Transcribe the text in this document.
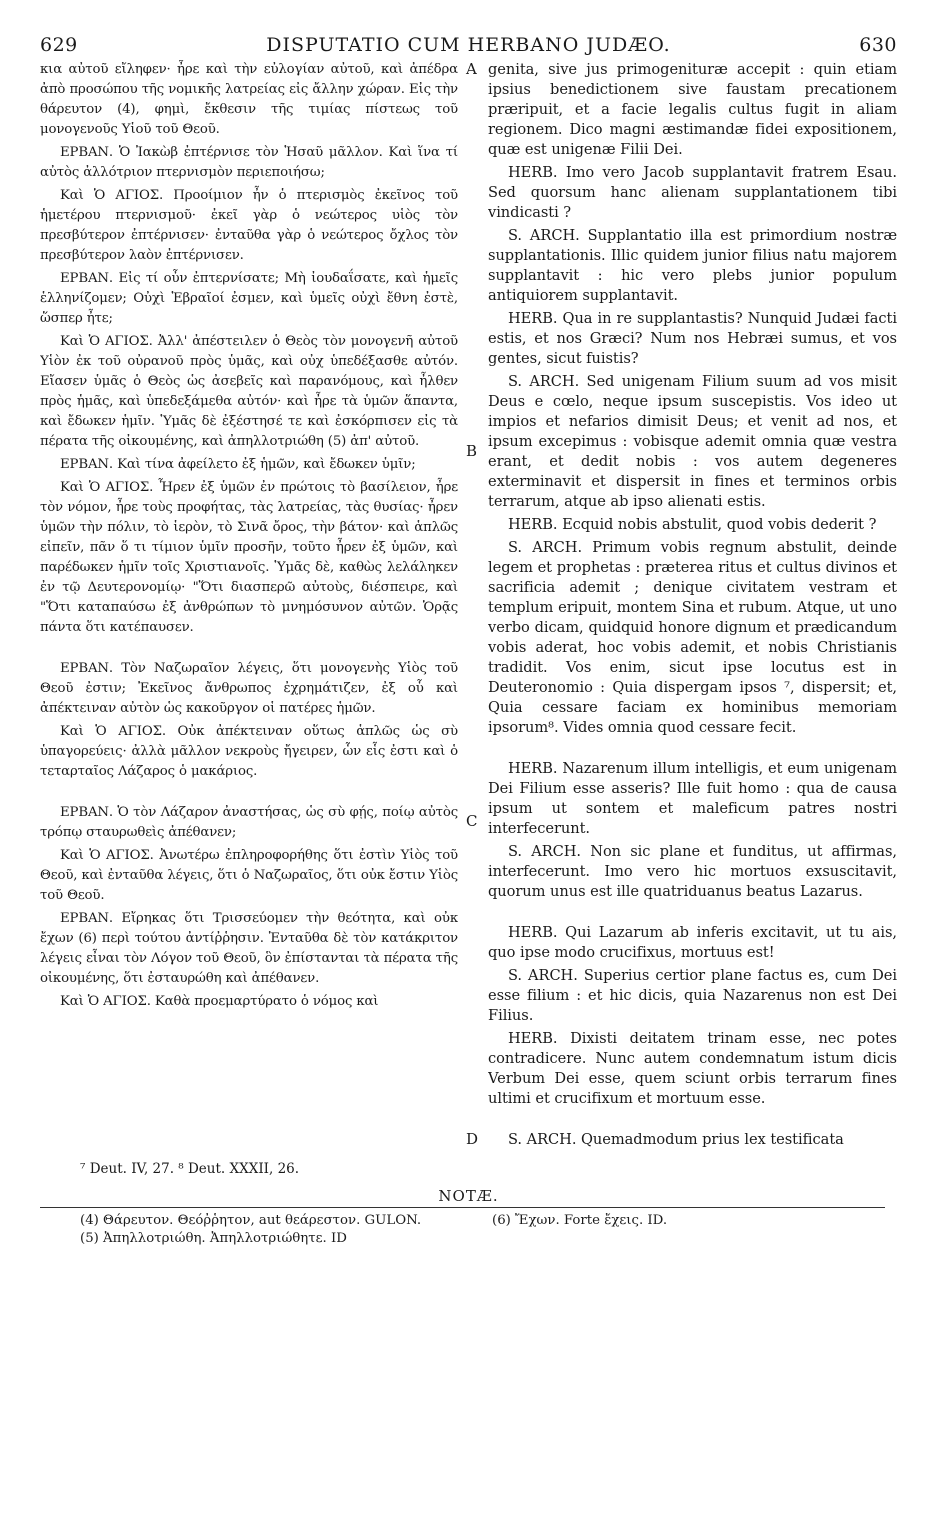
629	DISPUTATIO CUM HERBANO JUDÆO.	630

κια αὐτοῦ εἴληφεν· ἦρε καὶ τὴν εὐλογίαν αὐτοῦ, καὶ ἀπέδρα ἀπὸ προσώπου τῆς νομικῆς λατρείας εἰς ἄλλην χώραν. Εἰς τὴν θάρευτον (4), φημὶ, ἔκθεσιν τῆς τιμίας πίστεως τοῦ μονογενοῦς Υἱοῦ τοῦ Θεοῦ.

ΕΡΒΑΝ. Ὁ Ἰακὼβ ἐπτέρνισε τὸν Ἡσαῦ μᾶλλον. Καὶ ἵνα τί αὐτὸς ἀλλότριον πτερνισμὸν περιεποιήσω;

Καὶ Ὁ ΑΓΙΟΣ. Προοίμιον ἦν ὁ πτερισμὸς ἐκεῖνος τοῦ ἡμετέρου πτερνισμοῦ· ἐκεῖ γὰρ ὁ νεώτερος υἱὸς τὸν πρεσβύτερον ἐπτέρνισεν· ἐνταῦθα γὰρ ὁ νεώτερος ὄχλος τὸν πρεσβύτερον λαὸν ἐπτέρνισεν.

ΕΡΒΑΝ. Εἰς τί οὖν ἐπτερνίσατε; Μὴ ἰουδαΐσατε, καὶ ἡμεῖς ἑλληνίζομεν; Οὐχὶ Ἑβραῖοί ἐσμεν, καὶ ὑμεῖς οὐχὶ ἔθνη ἐστὲ, ὥσπερ ἦτε;

Καὶ Ὁ ΑΓΙΟΣ. Ἀλλ' ἀπέστειλεν ὁ Θεὸς τὸν μονογενῆ αὐτοῦ Υἱὸν ἐκ τοῦ οὐρανοῦ πρὸς ὑμᾶς, καὶ οὐχ ὑπεδέξασθε αὐτόν. Εἴασεν ὑμᾶς ὁ Θεὸς ὡς ἀσεβεῖς καὶ παρανόμους, καὶ ἦλθεν πρὸς ἡμᾶς, καὶ ὑπεδεξάμεθα αὐτόν· καὶ ἦρε τὰ ὑμῶν ἅπαντα, καὶ ἔδωκεν ἡμῖν. Ὑμᾶς δὲ ἐξέστησέ τε καὶ ἐσκόρπισεν εἰς τὰ πέρατα τῆς οἰκουμένης, καὶ ἀπηλλοτριώθη (5) ἀπ' αὐτοῦ.

ΕΡΒΑΝ. Καὶ τίνα ἀφείλετο ἐξ ἡμῶν, καὶ ἔδωκεν ὑμῖν;

Καὶ Ὁ ΑΓΙΟΣ. Ἦρεν ἐξ ὑμῶν ἐν πρώτοις τὸ βασίλειον, ἦρε τὸν νόμον, ἦρε τοὺς προφήτας, τὰς λατρείας, τὰς θυσίας· ἦρεν ὑμῶν τὴν πόλιν, τὸ ἱερὸν, τὸ Σινᾶ ὄρος, τὴν βάτον· καὶ ἁπλῶς εἰπεῖν, πᾶν ὅ τι τίμιον ὑμῖν προσῆν, τοῦτο ἦρεν ἐξ ὑμῶν, καὶ παρέδωκεν ἡμῖν τοῖς Χριστιανοῖς. Ὑμᾶς δὲ, καθὼς λελάληκεν ἐν τῷ Δευτερονομίῳ· "Ὅτι διασπερῶ αὐτοὺς, διέσπειρε, καὶ "Ὅτι καταπαύσω ἐξ ἀνθρώπων τὸ μνημόσυνον αὐτῶν. Ὁρᾷς πάντα ὅτι κατέπαυσεν.

ΕΡΒΑΝ. Τὸν Ναζωραῖον λέγεις, ὅτι μονογενὴς Υἱὸς τοῦ Θεοῦ ἐστιν; Ἐκεῖνος ἄνθρωπος ἐχρημάτιζεν, ἐξ οὗ καὶ ἀπέκτειναν αὐτὸν ὡς κακοῦργον οἱ πατέρες ἡμῶν.

Καὶ Ὁ ΑΓΙΟΣ. Οὐκ ἀπέκτειναν οὕτως ἁπλῶς ὡς σὺ ὑπαγορεύεις· ἀλλὰ μᾶλλον νεκροὺς ἤγειρεν, ὧν εἷς ἐστι καὶ ὁ τεταρταῖος Λάζαρος ὁ μακάριος.

ΕΡΒΑΝ. Ὁ τὸν Λάζαρον ἀναστήσας, ὡς σὺ φῄς, ποίῳ αὐτὸς τρόπῳ σταυρωθεὶς ἀπέθανεν;

Καὶ Ὁ ΑΓΙΟΣ. Ἀνωτέρω ἐπληροφορήθης ὅτι ἐστὶν Υἱὸς τοῦ Θεοῦ, καὶ ἐνταῦθα λέγεις, ὅτι ὁ Ναζωραῖος, ὅτι οὐκ ἔστιν Υἱὸς τοῦ Θεοῦ.

ΕΡΒΑΝ. Εἴρηκας ὅτι Τρισσεύομεν τὴν θεότητα, καὶ οὐκ ἔχων (6) περὶ τούτου ἀντίῤῥησιν. Ἐνταῦθα δὲ τὸν κατάκριτον λέγεις εἶναι τὸν Λόγον τοῦ Θεοῦ, ὃν ἐπίστανται τὰ πέρατα τῆς οἰκουμένης, ὅτι ἐσταυρώθη καὶ ἀπέθανεν.

Καὶ Ὁ ΑΓΙΟΣ. Καθὰ προεμαρτύρατο ὁ νόμος καὶ

A
B
C
D

genita, sive jus primogenituræ accepit : quin etiam ipsius benedictionem sive faustam precationem præripuit, et a facie legalis cultus fugit in aliam regionem. Dico magni æstimandæ fidei expositionem, quæ est unigenæ Filii Dei.

HERB. Imo vero Jacob supplantavit fratrem Esau. Sed quorsum hanc alienam supplantationem tibi vindicasti ?

S. ARCH. Supplantatio illa est primordium nostræ supplantationis. Illic quidem junior filius natu majorem supplantavit : hic vero plebs junior populum antiquiorem supplantavit.

HERB. Qua in re supplantastis? Nunquid Judæi facti estis, et nos Græci? Num nos Hebræi sumus, et vos gentes, sicut fuistis?

S. ARCH. Sed unigenam Filium suum ad vos misit Deus e cœlo, neque ipsum suscepistis. Vos ideo ut impios et nefarios dimisit Deus; et venit ad nos, et ipsum excepimus : vobisque ademit omnia quæ vestra erant, et dedit nobis : vos autem degeneres exterminavit et dispersit in fines et terminos orbis terrarum, atque ab ipso alienati estis.

HERB. Ecquid nobis abstulit, quod vobis dederit ?

S. ARCH. Primum vobis regnum abstulit, deinde legem et prophetas : præterea ritus et cultus divinos et sacrificia ademit ; denique civitatem vestram et templum eripuit, montem Sina et rubum. Atque, ut uno verbo dicam, quidquid honore dignum et prædicandum vobis aderat, hoc vobis ademit, et nobis Christianis tradidit. Vos enim, sicut ipse locutus est in Deuteronomio : Quia dispergam ipsos ⁷, dispersit; et, Quia cessare faciam ex hominibus memoriam ipsorum⁸. Vides omnia quod cessare fecit.

HERB. Nazarenum illum intelligis, et eum unigenam Dei Filium esse asseris? Ille fuit homo : qua de causa ipsum ut sontem et maleficum patres nostri interfecerunt.

S. ARCH. Non sic plane et funditus, ut affirmas, interfecerunt. Imo vero hic mortuos exsuscitavit, quorum unus est ille quatriduanus beatus Lazarus.

HERB. Qui Lazarum ab inferis excitavit, ut tu ais, quo ipse modo crucifixus, mortuus est!

S. ARCH. Superius certior plane factus es, cum Dei esse filium : et hic dicis, quia Nazarenus non est Dei Filius.

HERB. Dixisti deitatem trinam esse, nec potes contradicere. Nunc autem condemnatum istum dicis Verbum Dei esse, quem sciunt orbis terrarum fines ultimi et crucifixum et mortuum esse.

S. ARCH. Quemadmodum prius lex testificata

⁷ Deut. IV, 27. ⁸ Deut. XXXII, 26.
NOTÆ.
(4) Θάρευτον. Θεόῤῥητον, aut θεάρεστον. GULON.
(5) Ἀπηλλοτριώθη. Ἀπηλλοτριώθητε. ID
(6) Ἔχων. Forte ἔχεις. ID.
